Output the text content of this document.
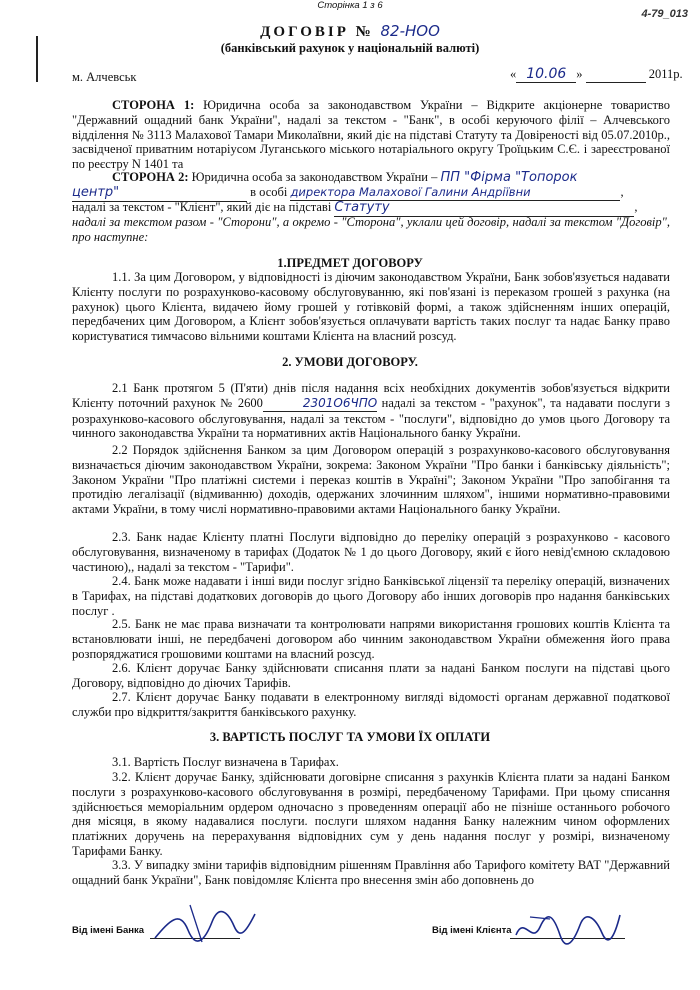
4-79_013
ДОГОВІР № 82-НОО
(банківський рахунок у національній валюті)
м. Алчевськ	« 10.06 »	2011р.
СТОРОНА 1: Юридична особа за законодавством України – Відкрите акціонерне товариство "Державний ощадний банк України", надалі за текстом - "Банк", в особі керуючого філії – Алчевського відділення № 3113 Малахової Тамари Миколаївни, який діє на підставі Статуту та Довіреності від 05.07.2010р., засвідченої приватним нотаріусом Луганського міського нотаріального округу Троїцьким С.Є. і зареєстрованої по реєстру N 1401 та
СТОРОНА 2: Юридична особа за законодавством України – ПП "Фірма "Топорок
центр"	в особі директора Малахової Галини Андріївни	,
надалі за текстом - "Клієнт", який діє на підставі Статуту	,
надалі за текстом разом - "Сторони", а окремо - "Сторона", уклали цей договір, надалі за текстом "Договір", про наступне:
1.ПРЕДМЕТ ДОГОВОРУ
1.1. За цим Договором, у відповідності із діючим законодавством України, Банк зобов'язується надавати Клієнту послуги по розрахунково-касовому обслуговуванню, які пов'язані із переказом грошей з рахунка (на рахунок) цього Клієнта, видачею йому грошей у готівковій формі, а також здійсненням інших операцій, передбачених цим Договором, а Клієнт зобов'язується оплачувати вартість таких послуг та надає Банку право користуватися тимчасово вільними коштами Клієнта на власний розсуд.
2. УМОВИ ДОГОВОРУ.
2.1 Банк протягом 5 (П'яти) днів після надання всіх необхідних документів зобов'язується відкрити Клієнту поточний рахунок № 2600	2301О6ЧПО надалі за текстом - "рахунок", та надавати послуги з розрахунково-касового обслуговування, надалі за текстом - "послуги", відповідно до умов цього Договору та чинного законодавства України та нормативних актів Національного банку України.
2.2 Порядок здійснення Банком за цим Договором операцій з розрахунково-касового обслуговування визначається діючим законодавством України, зокрема: Законом України "Про банки і банківську діяльність"; Законом України "Про платіжні системи і переказ коштів в Україні"; Законом України "Про запобігання та протидію легалізації (відмиванню) доходів, одержаних злочинним шляхом", іншими нормативно-правовими актами України, в тому числі нормативно-правовими актами Національного банку України.
2.3. Банк надає Клієнту платні Послуги відповідно до переліку операцій з розрахунково - касового обслуговування, визначеному в тарифах (Додаток № 1 до цього Договору, який є його невід'ємною складовою частиною),, надалі за текстом - "Тарифи".
2.4. Банк може надавати і інші види послуг згідно Банківської ліцензії та переліку операцій, визначених в Тарифах, на підставі додаткових договорів до цього Договору або інших договорів про надання банківських послуг .
2.5. Банк не має права визначати та контролювати напрями використання грошових коштів Клієнта та встановлювати інші, не передбачені договором або чинним законодавством України обмеження його права розпоряджатися грошовими коштами на власний розсуд.
2.6. Клієнт доручає Банку здійснювати списання плати за надані Банком послуги на підставі цього Договору, відповідно до діючих Тарифів.
2.7. Клієнт доручає Банку подавати в електронному вигляді відомості органам державної податкової служби про відкриття/закриття банківського рахунку.
3. ВАРТІСТЬ ПОСЛУГ ТА УМОВИ ЇХ ОПЛАТИ
3.1. Вартість Послуг визначена в Тарифах.
3.2. Клієнт доручає Банку, здійснювати договірне списання з рахунків Клієнта плати за надані Банком послуги з розрахунково-касового обслуговування в розмірі, передбаченому Тарифами. При цьому списання здійснюється меморіальним ордером одночасно з проведенням операції або не пізніше останнього робочого дня місяця, в якому надавалися послуги. послуги шляхом надання Банку належним чином оформлених платіжних доручень на перерахування відповідних сум у день надання послуг у розмірі, визначеному Тарифами Банку.
3.3. У випадку зміни тарифів відповідним рішенням Правління або Тарифого комітету ВАТ "Державний ощадний банк України", Банк повідомляє Клієнта про внесення змін або доповнень до
Від імені Банка
Сторінка 1 з 6
Від імені Клієнта
